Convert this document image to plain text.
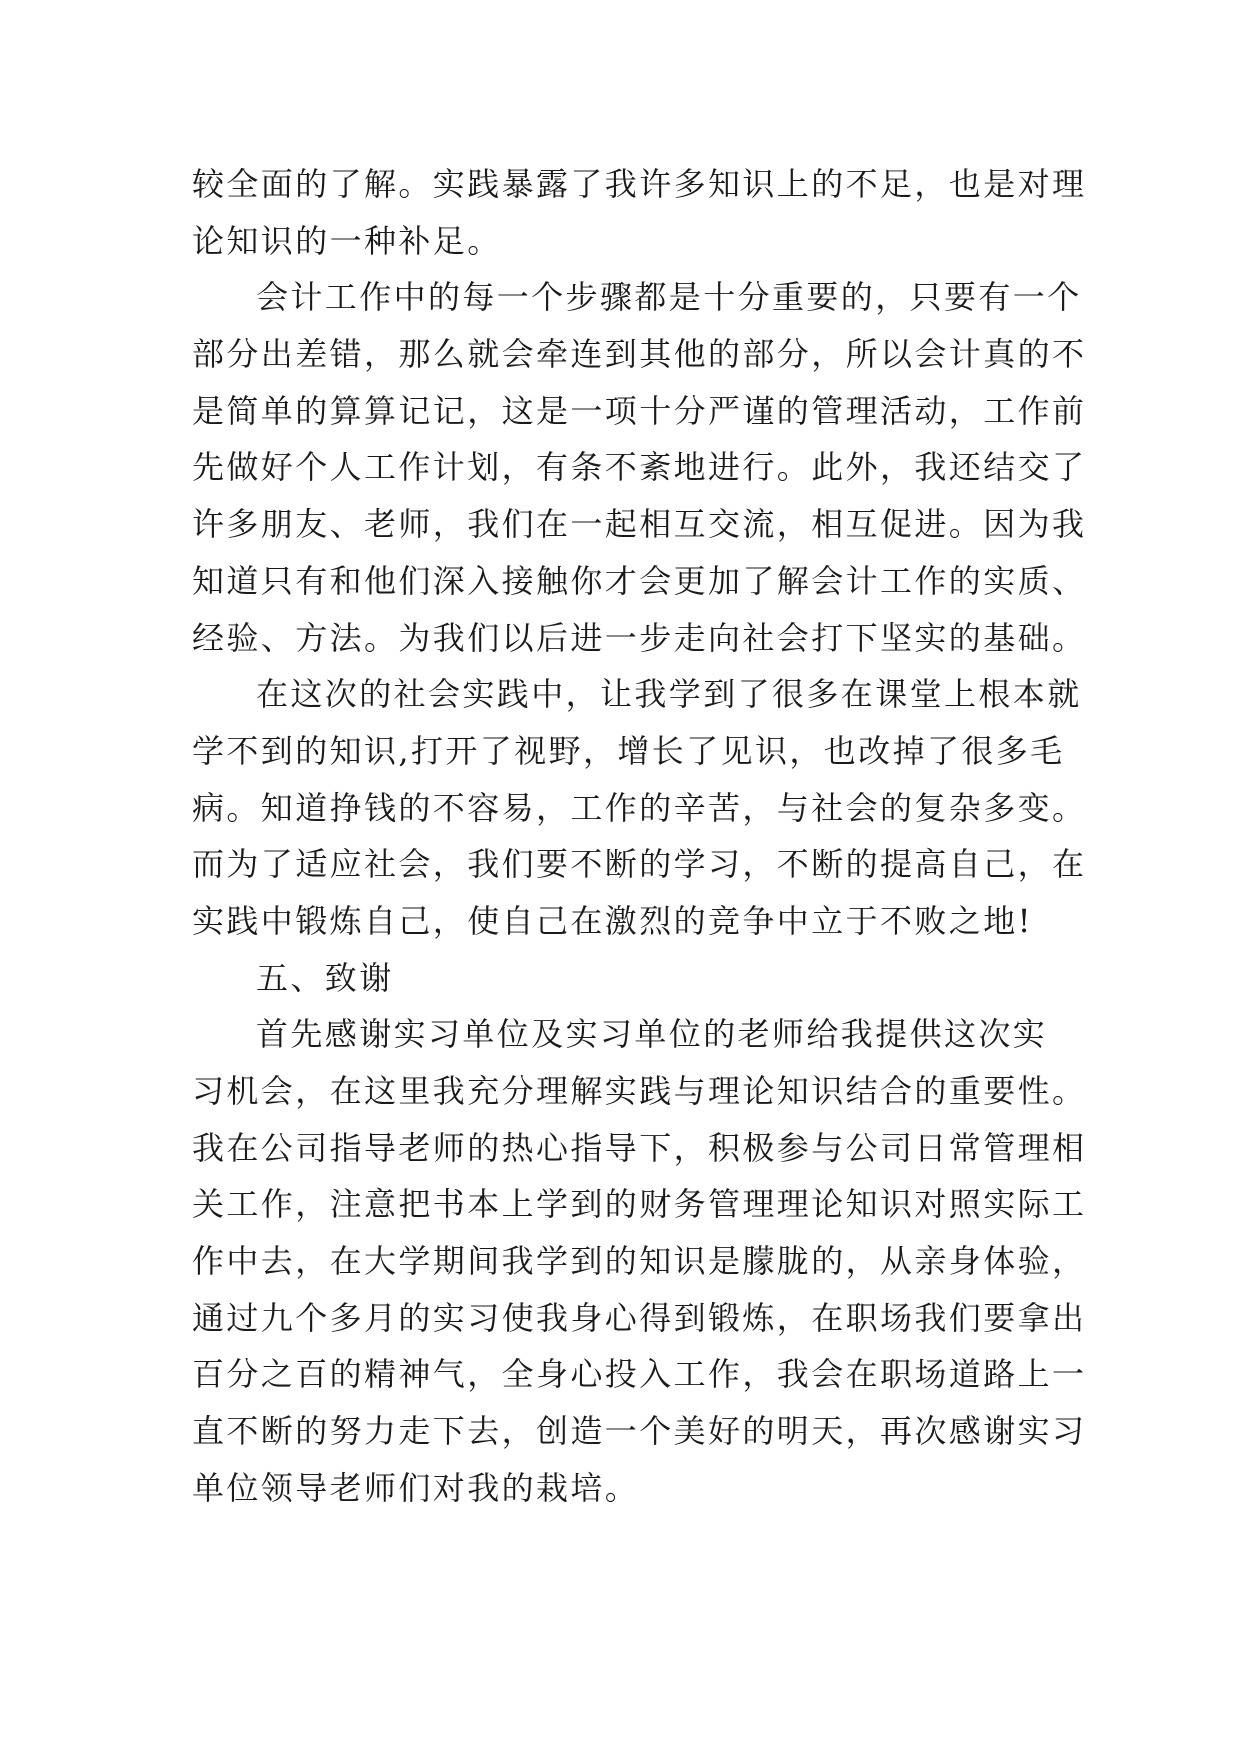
较全面的了解。实践暴露了我许多知识上的不足，也是对理
论知识的一种补足。
会计工作中的每一个步骤都是十分重要的，只要有一个
部分出差错，那么就会牵连到其他的部分，所以会计真的不
是简单的算算记记，这是一项十分严谨的管理活动，工作前
先做好个人工作计划，有条不紊地进行。此外，我还结交了
许多朋友、老师，我们在一起相互交流，相互促进。因为我
知道只有和他们深入接触你才会更加了解会计工作的实质、
经验、方法。为我们以后进一步走向社会打下坚实的基础。
在这次的社会实践中，让我学到了很多在课堂上根本就
学不到的知识,打开了视野，增长了见识，也改掉了很多毛
病。知道挣钱的不容易，工作的辛苦，与社会的复杂多变。
而为了适应社会，我们要不断的学习，不断的提高自己，在
实践中锻炼自己，使自己在激烈的竞争中立于不败之地!
五、致谢
首先感谢实习单位及实习单位的老师给我提供这次实
习机会，在这里我充分理解实践与理论知识结合的重要性。
我在公司指导老师的热心指导下，积极参与公司日常管理相
关工作，注意把书本上学到的财务管理理论知识对照实际工
作中去，在大学期间我学到的知识是朦胧的，从亲身体验，
通过九个多月的实习使我身心得到锻炼，在职场我们要拿出
百分之百的精神气，全身心投入工作，我会在职场道路上一
直不断的努力走下去，创造一个美好的明天，再次感谢实习
单位领导老师们对我的栽培。
